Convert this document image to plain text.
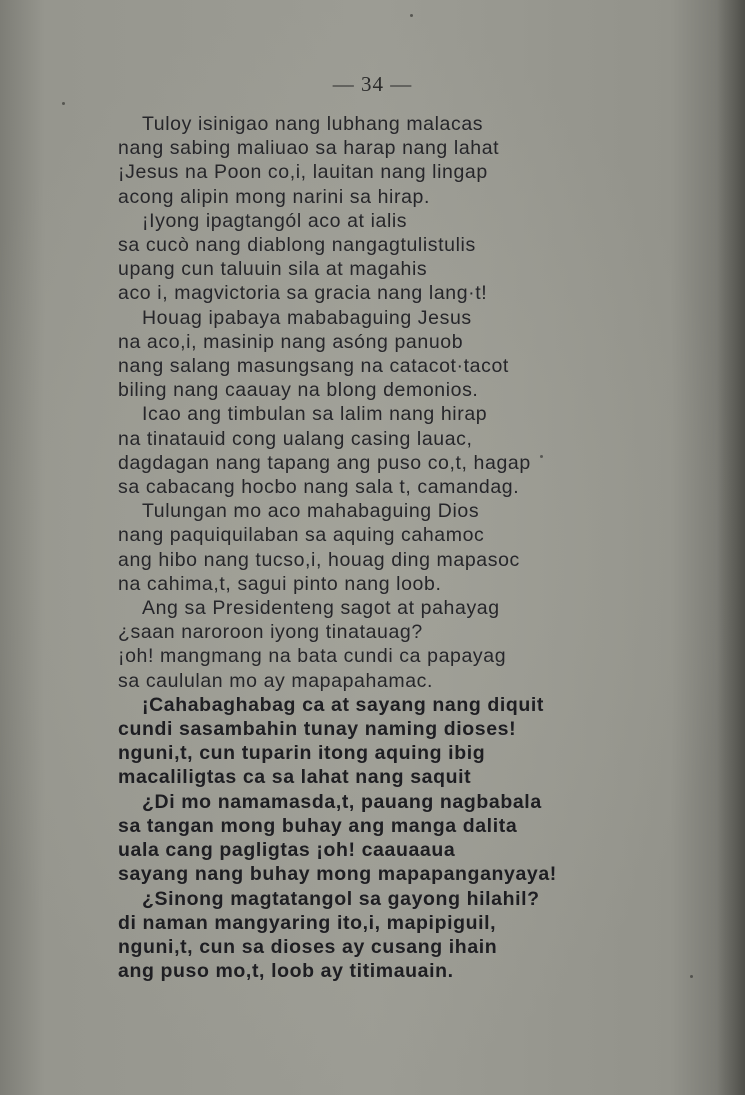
— 34 —
Tuloy isinigao nang lubhang malacas
nang sabing maliuao sa harap nang lahat
¡Jesus na Poon co,i, lauitan nang lingap
acong alipin mong narini sa hirap.
¡Iyong ipagtangól aco at ialis
sa cucò nang diablong nangagtulistulis
upang cun taluuin sila at magahis
aco i, magvictoria sa gracia nang lang·t!
Houag ipabaya mababaguing Jesus
na aco,i, masinip nang asóng panuob
nang salang masungsang na catacot·tacot
biling nang caauay na blong demonios.
Icao ang timbulan sa lalim nang hirap
na tinatauid cong ualang casing lauac,
dagdagan nang tapang ang puso co,t, hagap
sa cabacang hocbo nang sala t, camandag.
Tulungan mo aco mahabaguing Dios
nang paquiquilaban sa aquing cahamoc
ang hibo nang tucso,i, houag ding mapasoc
na cahima,t, sagui pinto nang loob.
Ang sa Presidenteng sagot at pahayag
¿saan naroroon iyong tinatauag?
¡oh! mangmang na bata cundi ca papayag
sa caululan mo ay mapapahamac.
¡Cahabaghabag ca at sayang nang diquit
cundi sasambahin tunay naming dioses!
nguni,t, cun tuparin itong aquing ibig
macaliligtas ca sa lahat nang saquit
¿Di mo namamasda,t, pauang nagbabala
sa tangan mong buhay ang manga dalita
uala cang pagligtas ¡oh! caauaaua
sayang nang buhay mong mapapanganyaya!
¿Sinong magtatangol sa gayong hilahil?
di naman mangyaring ito,i, mapipiguil,
nguni,t, cun sa dioses ay cusang ihain
ang puso mo,t, loob ay titimauain.
